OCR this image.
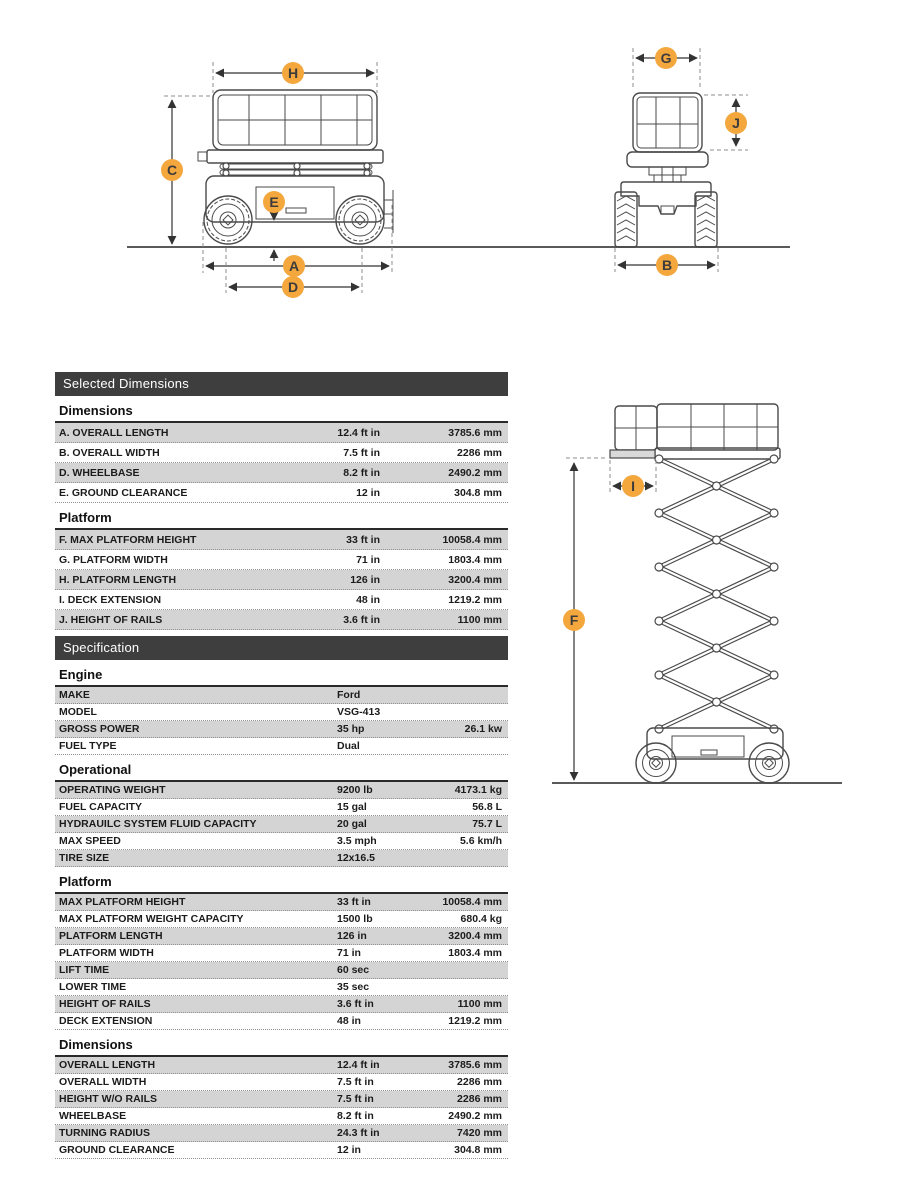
H
C
E
A
D
G
J
B
F
I
Selected Dimensions
Dimensions
A. OVERALL LENGTH	12.4 ft in	3785.6 mm
B. OVERALL WIDTH	7.5 ft in	2286 mm
D. WHEELBASE	8.2 ft in	2490.2 mm
E. GROUND CLEARANCE	12 in	304.8 mm
Platform
F. MAX PLATFORM HEIGHT	33 ft in	10058.4 mm
G. PLATFORM WIDTH	71 in	1803.4 mm
H. PLATFORM LENGTH	126 in	3200.4 mm
I. DECK EXTENSION	48 in	1219.2 mm
J. HEIGHT OF RAILS	3.6 ft in	1100 mm
Specification
Engine
MAKE	Ford
MODEL	VSG-413
GROSS POWER	35 hp	26.1 kw
FUEL TYPE	Dual
Operational
OPERATING WEIGHT	9200 lb	4173.1 kg
FUEL CAPACITY	15 gal	56.8 L
HYDRAUILC SYSTEM FLUID CAPACITY	20 gal	75.7 L
MAX SPEED	3.5 mph	5.6 km/h
TIRE SIZE	12x16.5
Platform
MAX PLATFORM HEIGHT	33 ft in	10058.4 mm
MAX PLATFORM WEIGHT CAPACITY	1500 lb	680.4 kg
PLATFORM LENGTH	126 in	3200.4 mm
PLATFORM WIDTH	71 in	1803.4 mm
LIFT TIME	60 sec
LOWER TIME	35 sec
HEIGHT OF RAILS	3.6 ft in	1100 mm
DECK EXTENSION	48 in	1219.2 mm
Dimensions
OVERALL LENGTH	12.4 ft in	3785.6 mm
OVERALL WIDTH	7.5 ft in	2286 mm
HEIGHT W/O RAILS	7.5 ft in	2286 mm
WHEELBASE	8.2 ft in	2490.2 mm
TURNING RADIUS	24.3 ft in	7420 mm
GROUND CLEARANCE	12 in	304.8 mm
